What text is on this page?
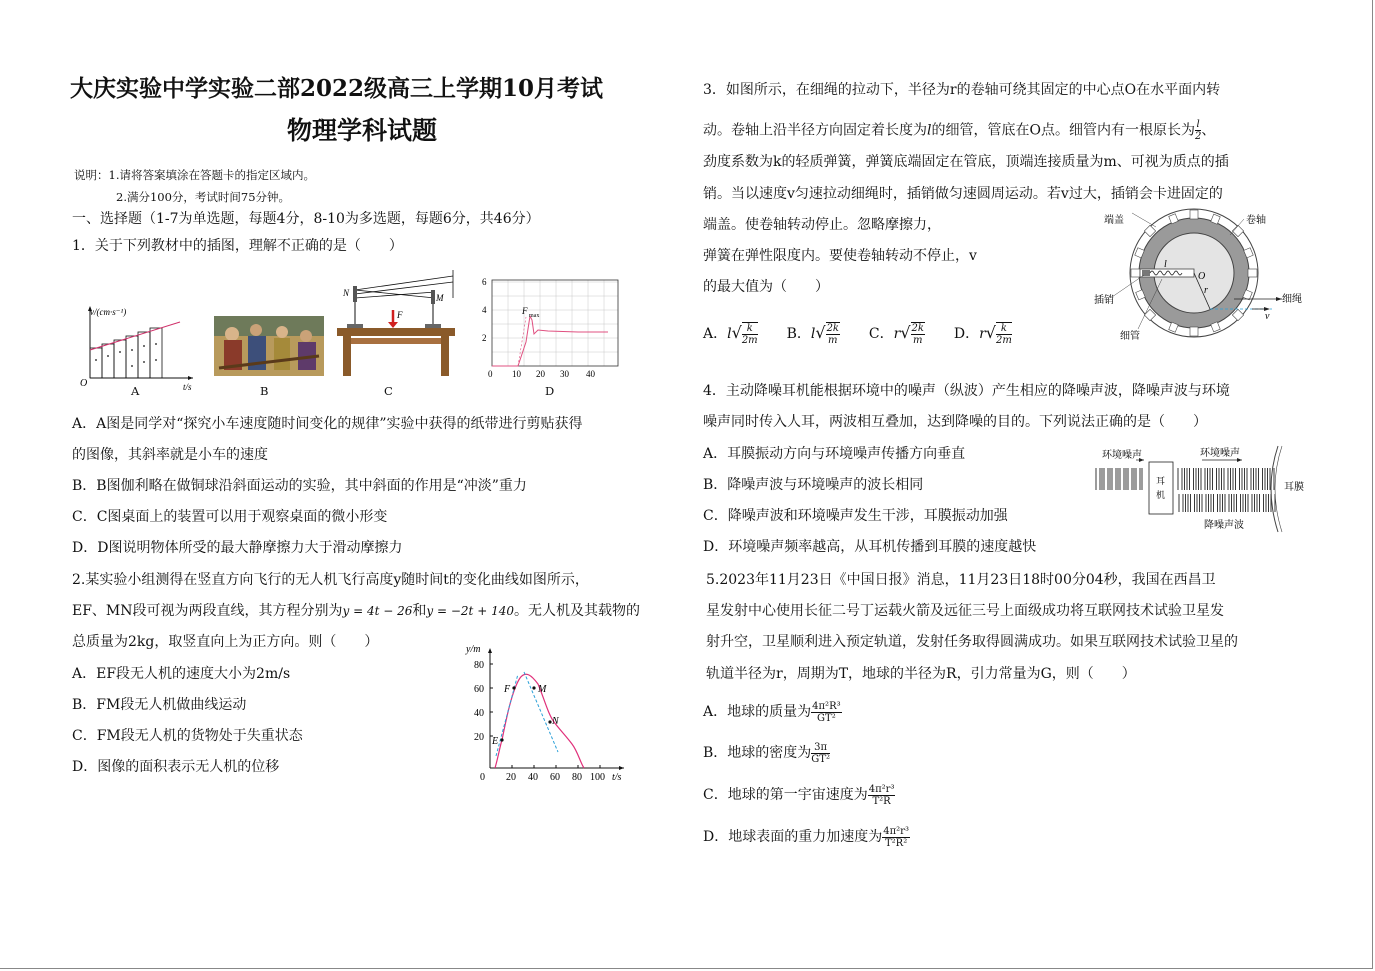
大庆实验中学实验二部2022级高三上学期10月考试
物理学科试题
说明：1.请将答案填涂在答题卡的指定区域内。
2.满分100分，考试时间75分钟。
一、选择题（1-7为单选题，每题4分，8-10为多选题，每题6分，共46分）
1．关于下列教材中的插图，理解不正确的是（　　）
v/(cm·s⁻¹)
t/s
O
A	B
N	M
F
C
6
4
2
0 10 20 30 40
F max
D
A．A图是同学对“探究小车速度随时间变化的规律”实验中获得的纸带进行剪贴获得
的图像，其斜率就是小车的速度
B．B图伽利略在做铜球沿斜面运动的实验，其中斜面的作用是“冲淡”重力
C．C图桌面上的装置可以用于观察桌面的微小形变
D．D图说明物体所受的最大静摩擦力大于滑动摩擦力
2.某实验小组测得在竖直方向飞行的无人机飞行高度y随时间t的变化曲线如图所示，
EF、MN段可视为两段直线，其方程分别为y = 4t − 26和y = −2t + 140。无人机及其载物的
总质量为2kg，取竖直向上为正方向。则（　　）
A．EF段无人机的速度大小为2m/s
B．FM段无人机做曲线运动
C．FM段无人机的货物处于失重状态
D．图像的面积表示无人机的位移
y/m
t/s
80
60
40
20
0 20 40 60 80 100
E
F	M
N
3．如图所示，在细绳的拉动下，半径为r的卷轴可绕其固定的中心点O在水平面内转
动。卷轴上沿半径方向固定着长度为l的细管，管底在O点。细管内有一根原长为 $\frac{l}{2}$ 、
劲度系数为k的轻质弹簧，弹簧底端固定在管底，顶端连接质量为m、可视为质点的插
销。当以速度v匀速拉动细绳时，插销做匀速圆周运动。若v过大，插销会卡进固定的
端盖。使卷轴转动停止。忽略摩擦力，
弹簧在弹性限度内。要使卷轴转动不停止，v
的最大值为（　　）
A．$l√ \frac{k}{2m}$ B．$l√ \frac{2k}{m}$ C．$r√ \frac{2k}{m}$ D．$r√ \frac{k}{2m}$
端盖	卷轴
插销
细管
细绳
O
r
l
v
4．主动降噪耳机能根据环境中的噪声（纵波）产生相应的降噪声波，降噪声波与环境
噪声同时传入人耳，两波相互叠加，达到降噪的目的。下列说法正确的是（　　）
A．耳膜振动方向与环境噪声传播方向垂直
B．降噪声波与环境噪声的波长相同
C．降噪声波和环境噪声发生干涉，耳膜振动加强
D．环境噪声频率越高，从耳机传播到耳膜的速度越快
环境噪声	环境噪声
耳
机
耳膜
降噪声波
5.2023年11月23日《中国日报》消息，11月23日18时00分04秒，我国在西昌卫
星发射中心使用长征二号丁运载火箭及远征三号上面级成功将互联网技术试验卫星发
射升空，卫星顺利进入预定轨道，发射任务取得圆满成功。如果互联网技术试验卫星的
轨道半径为r，周期为T，地球的半径为R，引力常量为G，则（　　）
A．地球的质量为 $\frac{\text{4π²R³}}{\text{GT²}}$
B．地球的密度为 $\frac{3\pi}{\text{GT²}}$
C．地球的第一宇宙速度为 $\frac{\text{4π²r³}}{\text{T²R}}$
D．地球表面的重力加速度为 $\frac{\text{4π²r³}}{\text{T²R²}}$
